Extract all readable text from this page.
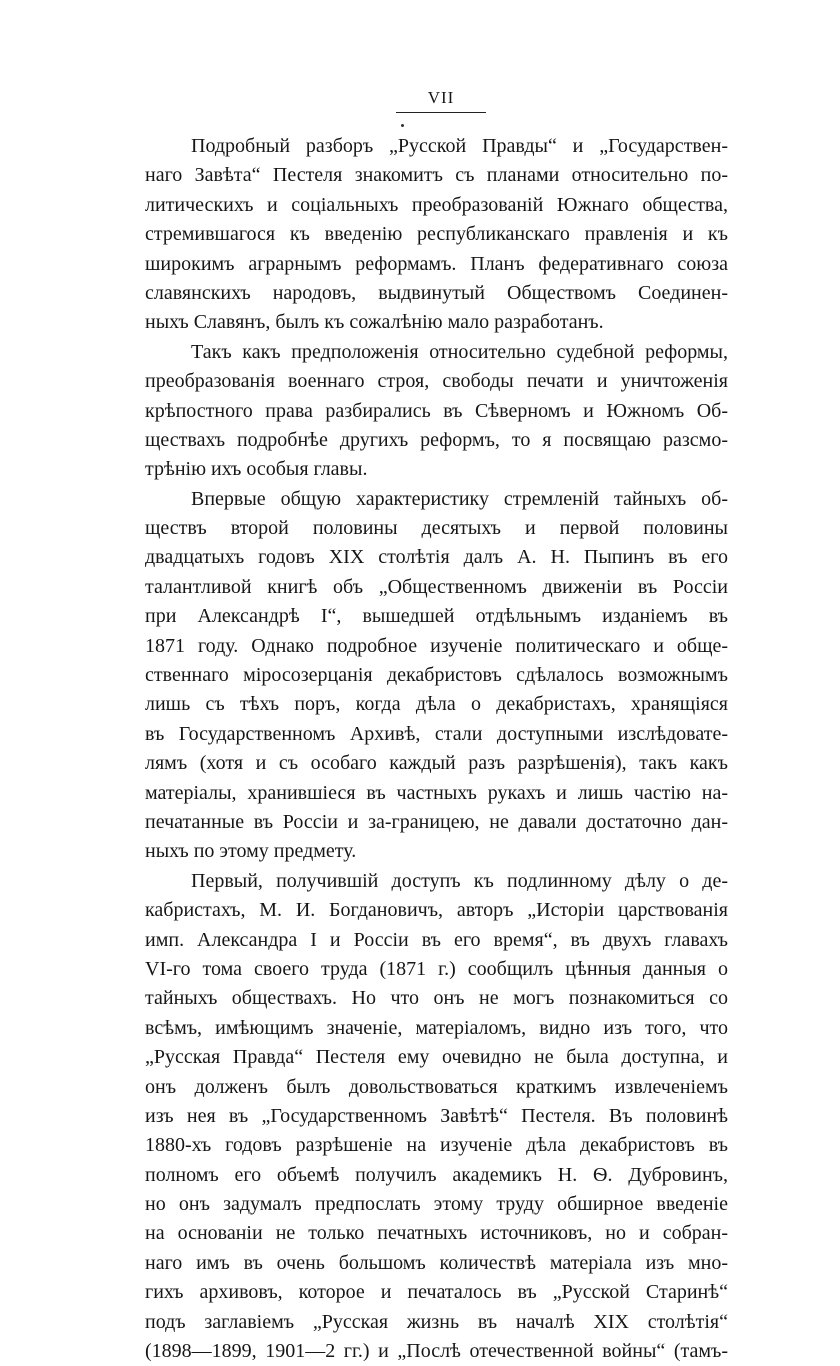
VII
Подробный разборъ „Русской Правды“ и „Государствен-
наго Завѣта“ Пестеля знакомитъ съ планами относительно по-
литическихъ и соціальныхъ преобразованій Южнаго общества,
стремившагося къ введенію республиканскаго правленія и къ
широкимъ аграрнымъ реформамъ. Планъ федеративнаго союза
славянскихъ народовъ, выдвинутый Обществомъ Соединен-
ныхъ Славянъ, былъ къ сожалѣнію мало разработанъ.
Такъ какъ предположенія относительно судебной реформы,
преобразованія военнаго строя, свободы печати и уничтоженія
крѣпостного права разбирались въ Сѣверномъ и Южномъ Об-
ществахъ подробнѣе другихъ реформъ, то я посвящаю разсмо-
трѣнію ихъ особыя главы.
Впервые общую характеристику стремленій тайныхъ об-
ществъ второй половины десятыхъ и первой половины
двадцатыхъ годовъ XIX столѣтія далъ А. Н. Пыпинъ въ его
талантливой книгѣ объ „Общественномъ движеніи въ Россіи
при Александрѣ I“, вышедшей отдѣльнымъ изданіемъ въ
1871 году. Однако подробное изученіе политическаго и обще-
ственнаго міросозерцанія декабристовъ сдѣлалось возможнымъ
лишь съ тѣхъ поръ, когда дѣла о декабристахъ, хранящіяся
въ Государственномъ Архивѣ, стали доступными изслѣдовате-
лямъ (хотя и съ особаго каждый разъ разрѣшенія), такъ какъ
матеріалы, хранившіеся въ частныхъ рукахъ и лишь частію на-
печатанные въ Россіи и за-границею, не давали достаточно дан-
ныхъ по этому предмету.
Первый, получившій доступъ къ подлинному дѣлу о де-
кабристахъ, М. И. Богдановичъ, авторъ „Исторіи царствованія
имп. Александра I и Россіи въ его время“, въ двухъ главахъ
VI-го тома своего труда (1871 г.) сообщилъ цѣнныя данныя о
тайныхъ обществахъ. Но что онъ не могъ познакомиться со
всѣмъ, имѣющимъ значеніе, матеріаломъ, видно изъ того, что
„Русская Правда“ Пестеля ему очевидно не была доступна, и
онъ долженъ былъ довольствоваться краткимъ извлеченіемъ
изъ нея въ „Государственномъ Завѣтѣ“ Пестеля. Въ половинѣ
1880-хъ годовъ разрѣшеніе на изученіе дѣла декабристовъ въ
полномъ его объемѣ получилъ академикъ Н. Ѳ. Дубровинъ,
но онъ задумалъ предпослать этому труду обширное введеніе
на основаніи не только печатныхъ источниковъ, но и собран-
наго имъ въ очень большомъ количествѣ матеріала изъ мно-
гихъ архивовъ, которое и печаталось въ „Русской Старинѣ“
подъ заглавіемъ „Русская жизнь въ началѣ XIX столѣтія“
(1898—1899, 1901—2 гг.) и „Послѣ отечественной войны“ (тамъ-
